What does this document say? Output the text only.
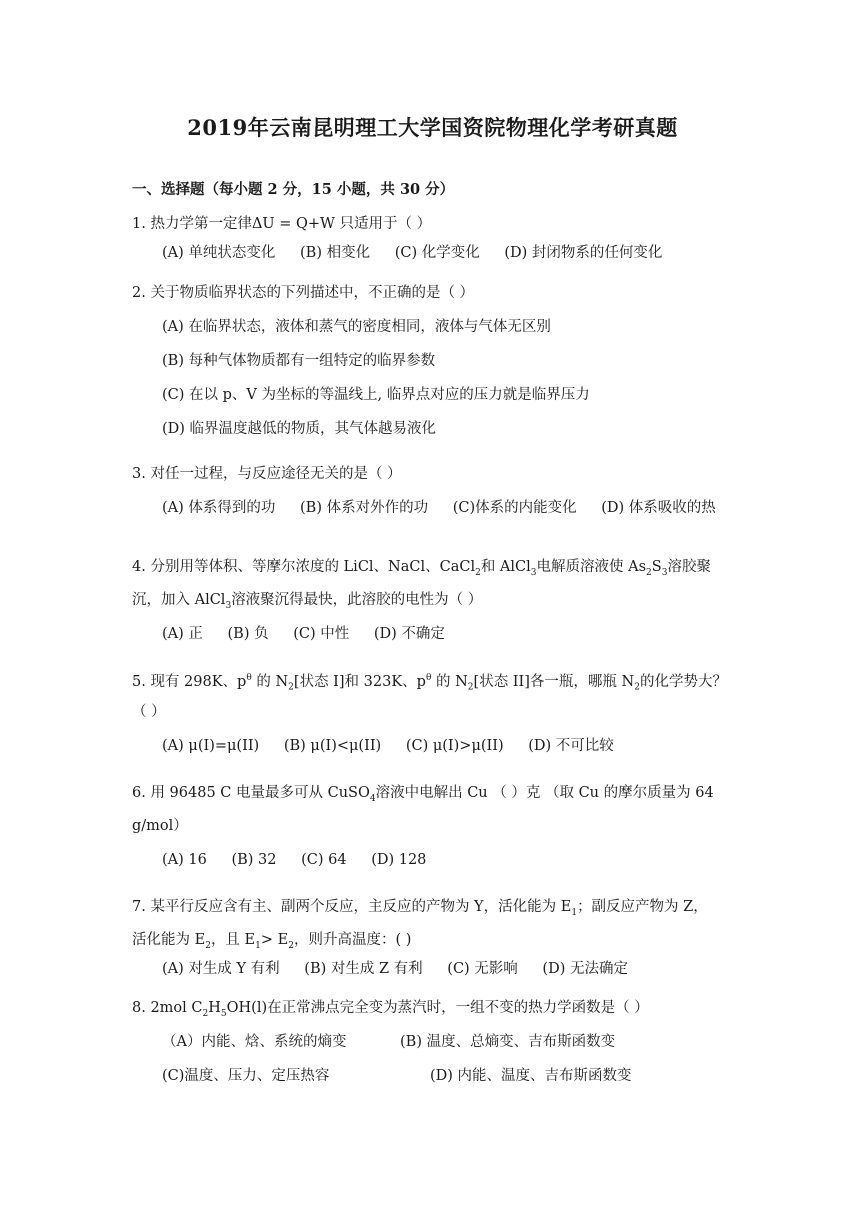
2019年云南昆明理工大学国资院物理化学考研真题
一、选择题（每小题 2 分，15 小题，共 30 分）
1. 热力学第一定律ΔU = Q+W 只适用于（ ）
(A) 单纯状态变化 (B) 相变化 (C) 化学变化 (D) 封闭物系的任何变化
2. 关于物质临界状态的下列描述中，不正确的是（ ）
(A) 在临界状态，液体和蒸气的密度相同，液体与气体无区别
(B) 每种气体物质都有一组特定的临界参数
(C) 在以 p、V 为坐标的等温线上, 临界点对应的压力就是临界压力
(D) 临界温度越低的物质，其气体越易液化
3. 对任一过程，与反应途径无关的是（ ）
(A) 体系得到的功 (B) 体系对外作的功 (C)体系的内能变化 (D) 体系吸收的热
4. 分别用等体积、等摩尔浓度的 LiCl、NaCl、CaCl$_2$和 AlCl$_3$电解质溶液使 $As_2S_3$溶胶聚
沉，加入 AlCl$_3$溶液聚沉得最快，此溶胶的电性为（ ）
(A) 正 (B) 负 (C) 中性 (D) 不确定
5. 现有 298K、$p^\theta$ 的 $N_2$[状态 I]和 323K、$p^\theta$ 的 $N_2$[状态 II]各一瓶，哪瓶 $N_2$的化学势大？
（ ）
(A) μ(I)=μ(II) (B) μ(I)<μ(II) (C) μ(I)>μ(II) (D) 不可比较
6. 用 96485 C 电量最多可从 CuSO$_4$溶液中电解出 Cu （ ）克 （取 Cu 的摩尔质量为 64
g/mol）
(A) 16 (B) 32 (C) 64 (D) 128
7. 某平行反应含有主、副两个反应，主反应的产物为 Y，活化能为 $E_1$；副反应产物为 Z，
活化能为 $E_2$，且 $E_1> E_2$，则升高温度：( )
(A) 对生成 Y 有利 (B) 对生成 Z 有利 (C) 无影响 (D) 无法确定
8. 2mol $C_2H_5OH(l)$在正常沸点完全变为蒸汽时，一组不变的热力学函数是（ ）
（A）内能、焓、系统的熵变	(B) 温度、总熵变、吉布斯函数变
(C)温度、压力、定压热容	(D) 内能、温度、吉布斯函数变
